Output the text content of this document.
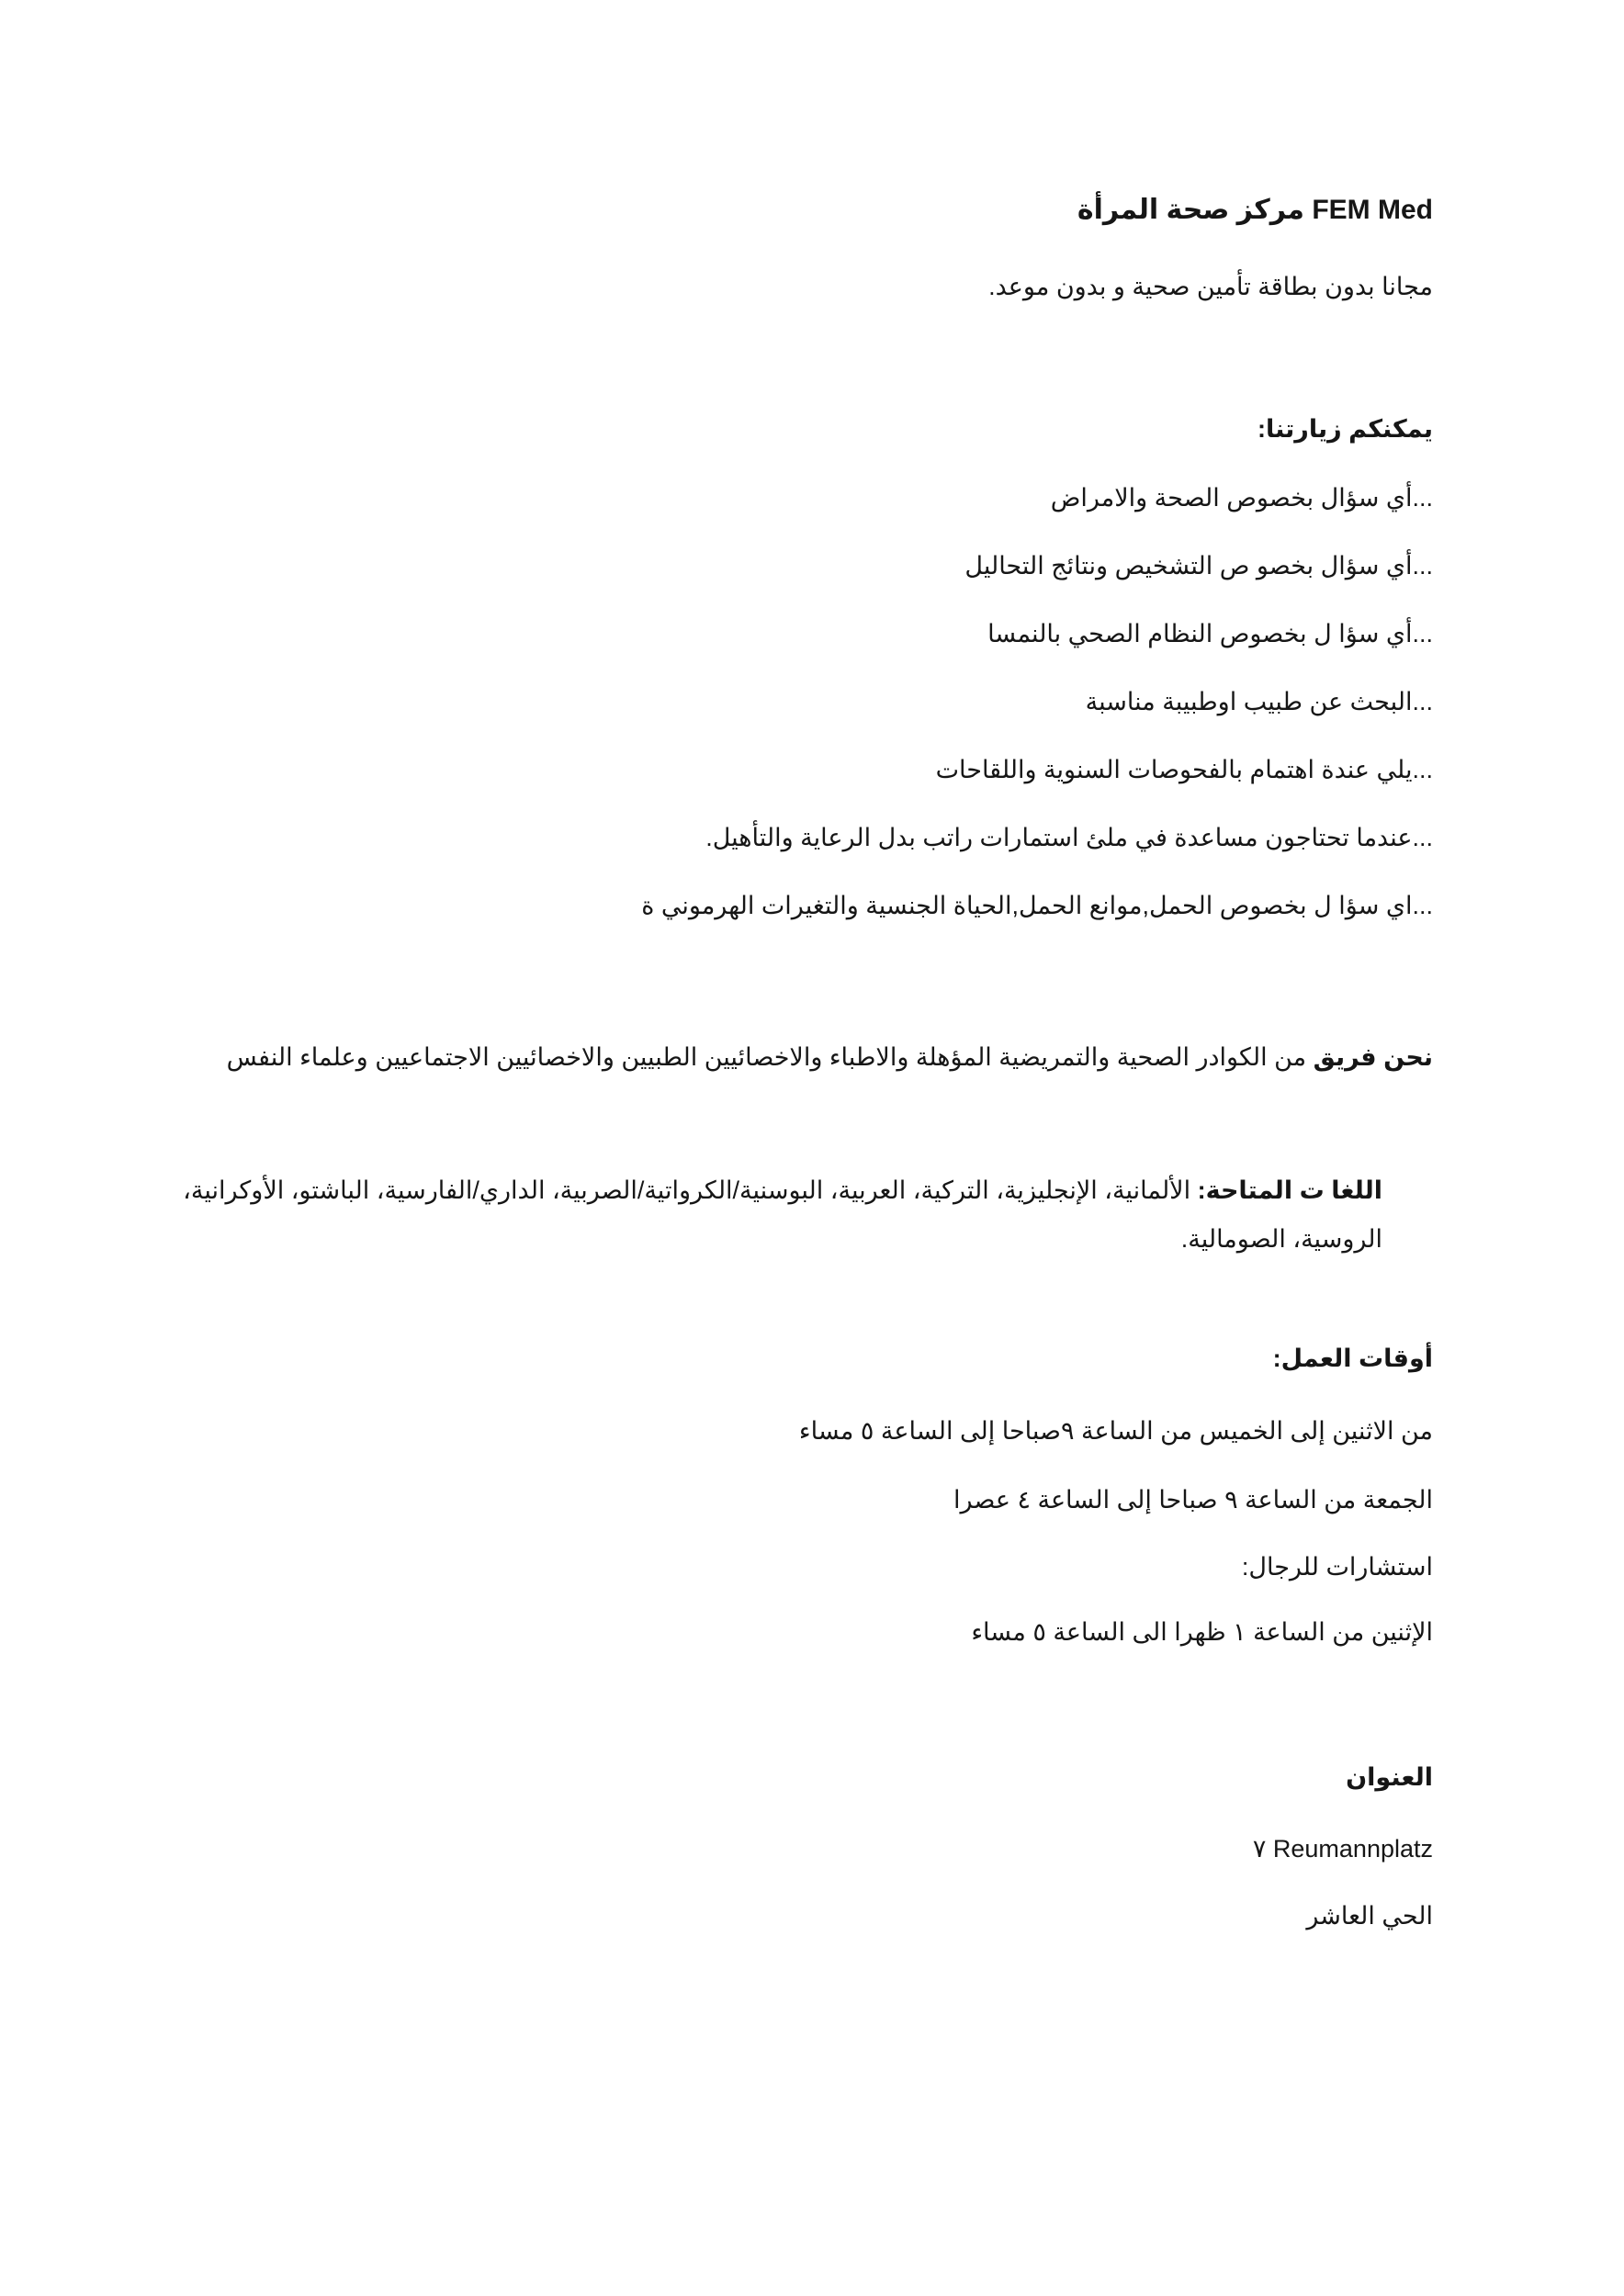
FEM Med مركز صحة المرأة
مجانا بدون بطاقة تأمين صحية و بدون موعد.
يمكنكم زيارتنا:
...أي سؤال بخصوص الصحة والامراض
...أي سؤال بخصو ص التشخيص ونتائج التحاليل
...أي سؤا ل بخصوص النظام الصحي بالنمسا
...البحث عن طبيب اوطبيبة مناسبة
...يلي عندة اهتمام بالفحوصات السنوية واللقاحات
...عندما تحتاجون مساعدة في ملئ استمارات راتب بدل الرعاية والتأهيل.
...اي سؤا ل بخصوص الحمل,موانع الحمل,الحياة الجنسية والتغيرات الهرموني ة
نحن فريق من الكوادر الصحية والتمريضية المؤهلة والاطباء والاخصائيين الطبيين والاخصائيين الاجتماعيين وعلماء النفس
اللغا ت المتاحة: الألمانية، الإنجليزية، التركية، العربية، البوسنية/الكرواتية/الصربية، الداري/الفارسية، الباشتو، الأوكرانية، الروسية، الصومالية.
أوقات العمل:
من الاثنين إلى الخميس من الساعة ٩صباحا إلى الساعة ٥ مساء
الجمعة من الساعة ٩ صباحا إلى الساعة ٤ عصرا
استشارات للرجال:
الإثنين من الساعة ١ ظهرا الى الساعة ٥ مساء
العنوان
Reumannplatz ٧
الحي العاشر
